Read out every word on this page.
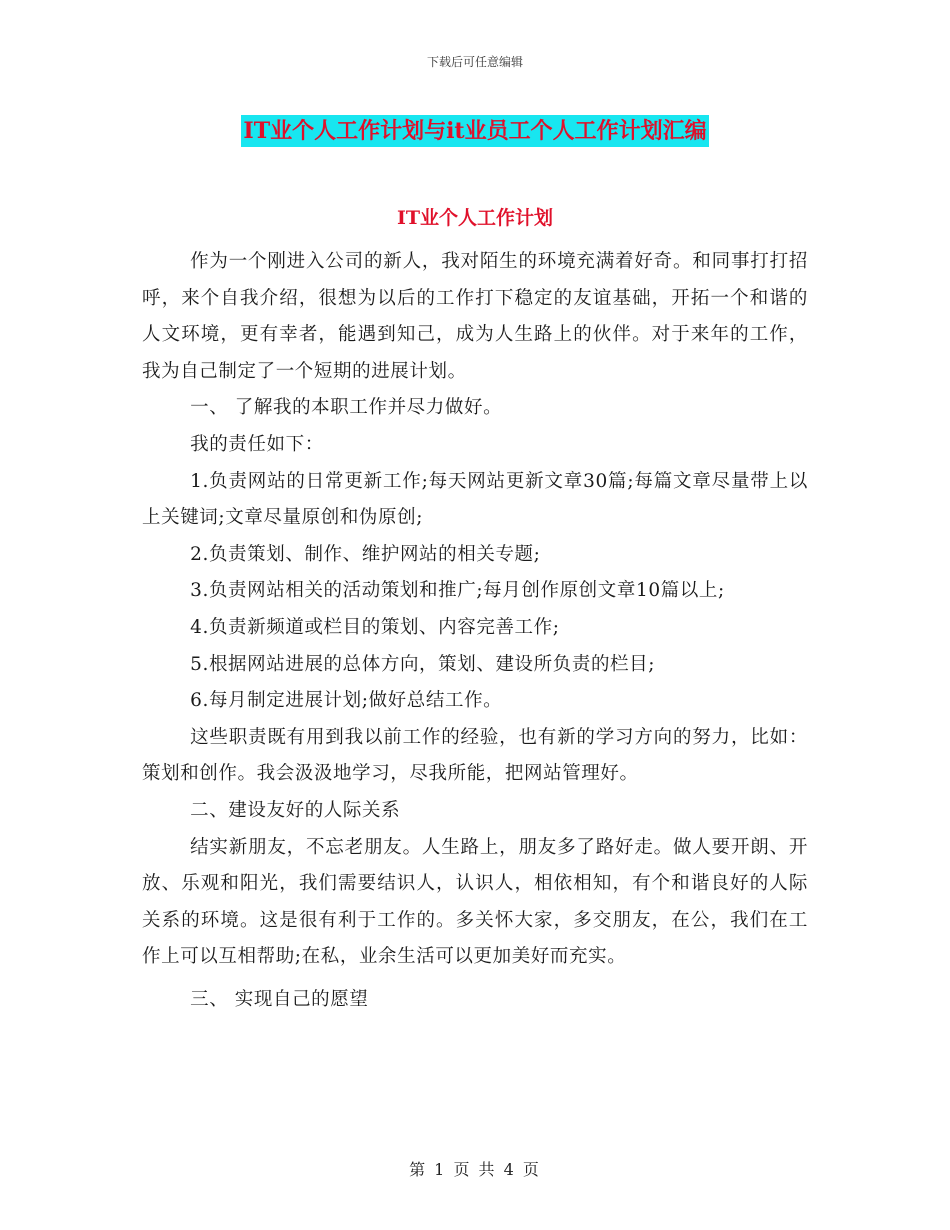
下载后可任意编辑
IT业个人工作计划与it业员工个人工作计划汇编
IT业个人工作计划

作为一个刚进入公司的新人，我对陌生的环境充满着好奇。和同事打打招呼，来个自我介绍，很想为以后的工作打下稳定的友谊基础，开拓一个和谐的人文环境，更有幸者，能遇到知己，成为人生路上的伙伴。对于来年的工作，我为自己制定了一个短期的进展计划。

一、 了解我的本职工作并尽力做好。

我的责任如下：

1.负责网站的日常更新工作;每天网站更新文章30篇;每篇文章尽量带上以上关键词;文章尽量原创和伪原创;

2.负责策划、制作、维护网站的相关专题;

3.负责网站相关的活动策划和推广;每月创作原创文章10篇以上;

4.负责新频道或栏目的策划、内容完善工作;

5.根据网站进展的总体方向，策划、建设所负责的栏目;

6.每月制定进展计划;做好总结工作。

这些职责既有用到我以前工作的经验，也有新的学习方向的努力，比如：策划和创作。我会汲汲地学习，尽我所能，把网站管理好。

二、建设友好的人际关系

结实新朋友，不忘老朋友。人生路上，朋友多了路好走。做人要开朗、开放、乐观和阳光，我们需要结识人，认识人，相依相知，有个和谐良好的人际关系的环境。这是很有利于工作的。多关怀大家，多交朋友，在公，我们在工作上可以互相帮助;在私，业余生活可以更加美好而充实。

三、 实现自己的愿望

第 1 页 共 4 页
